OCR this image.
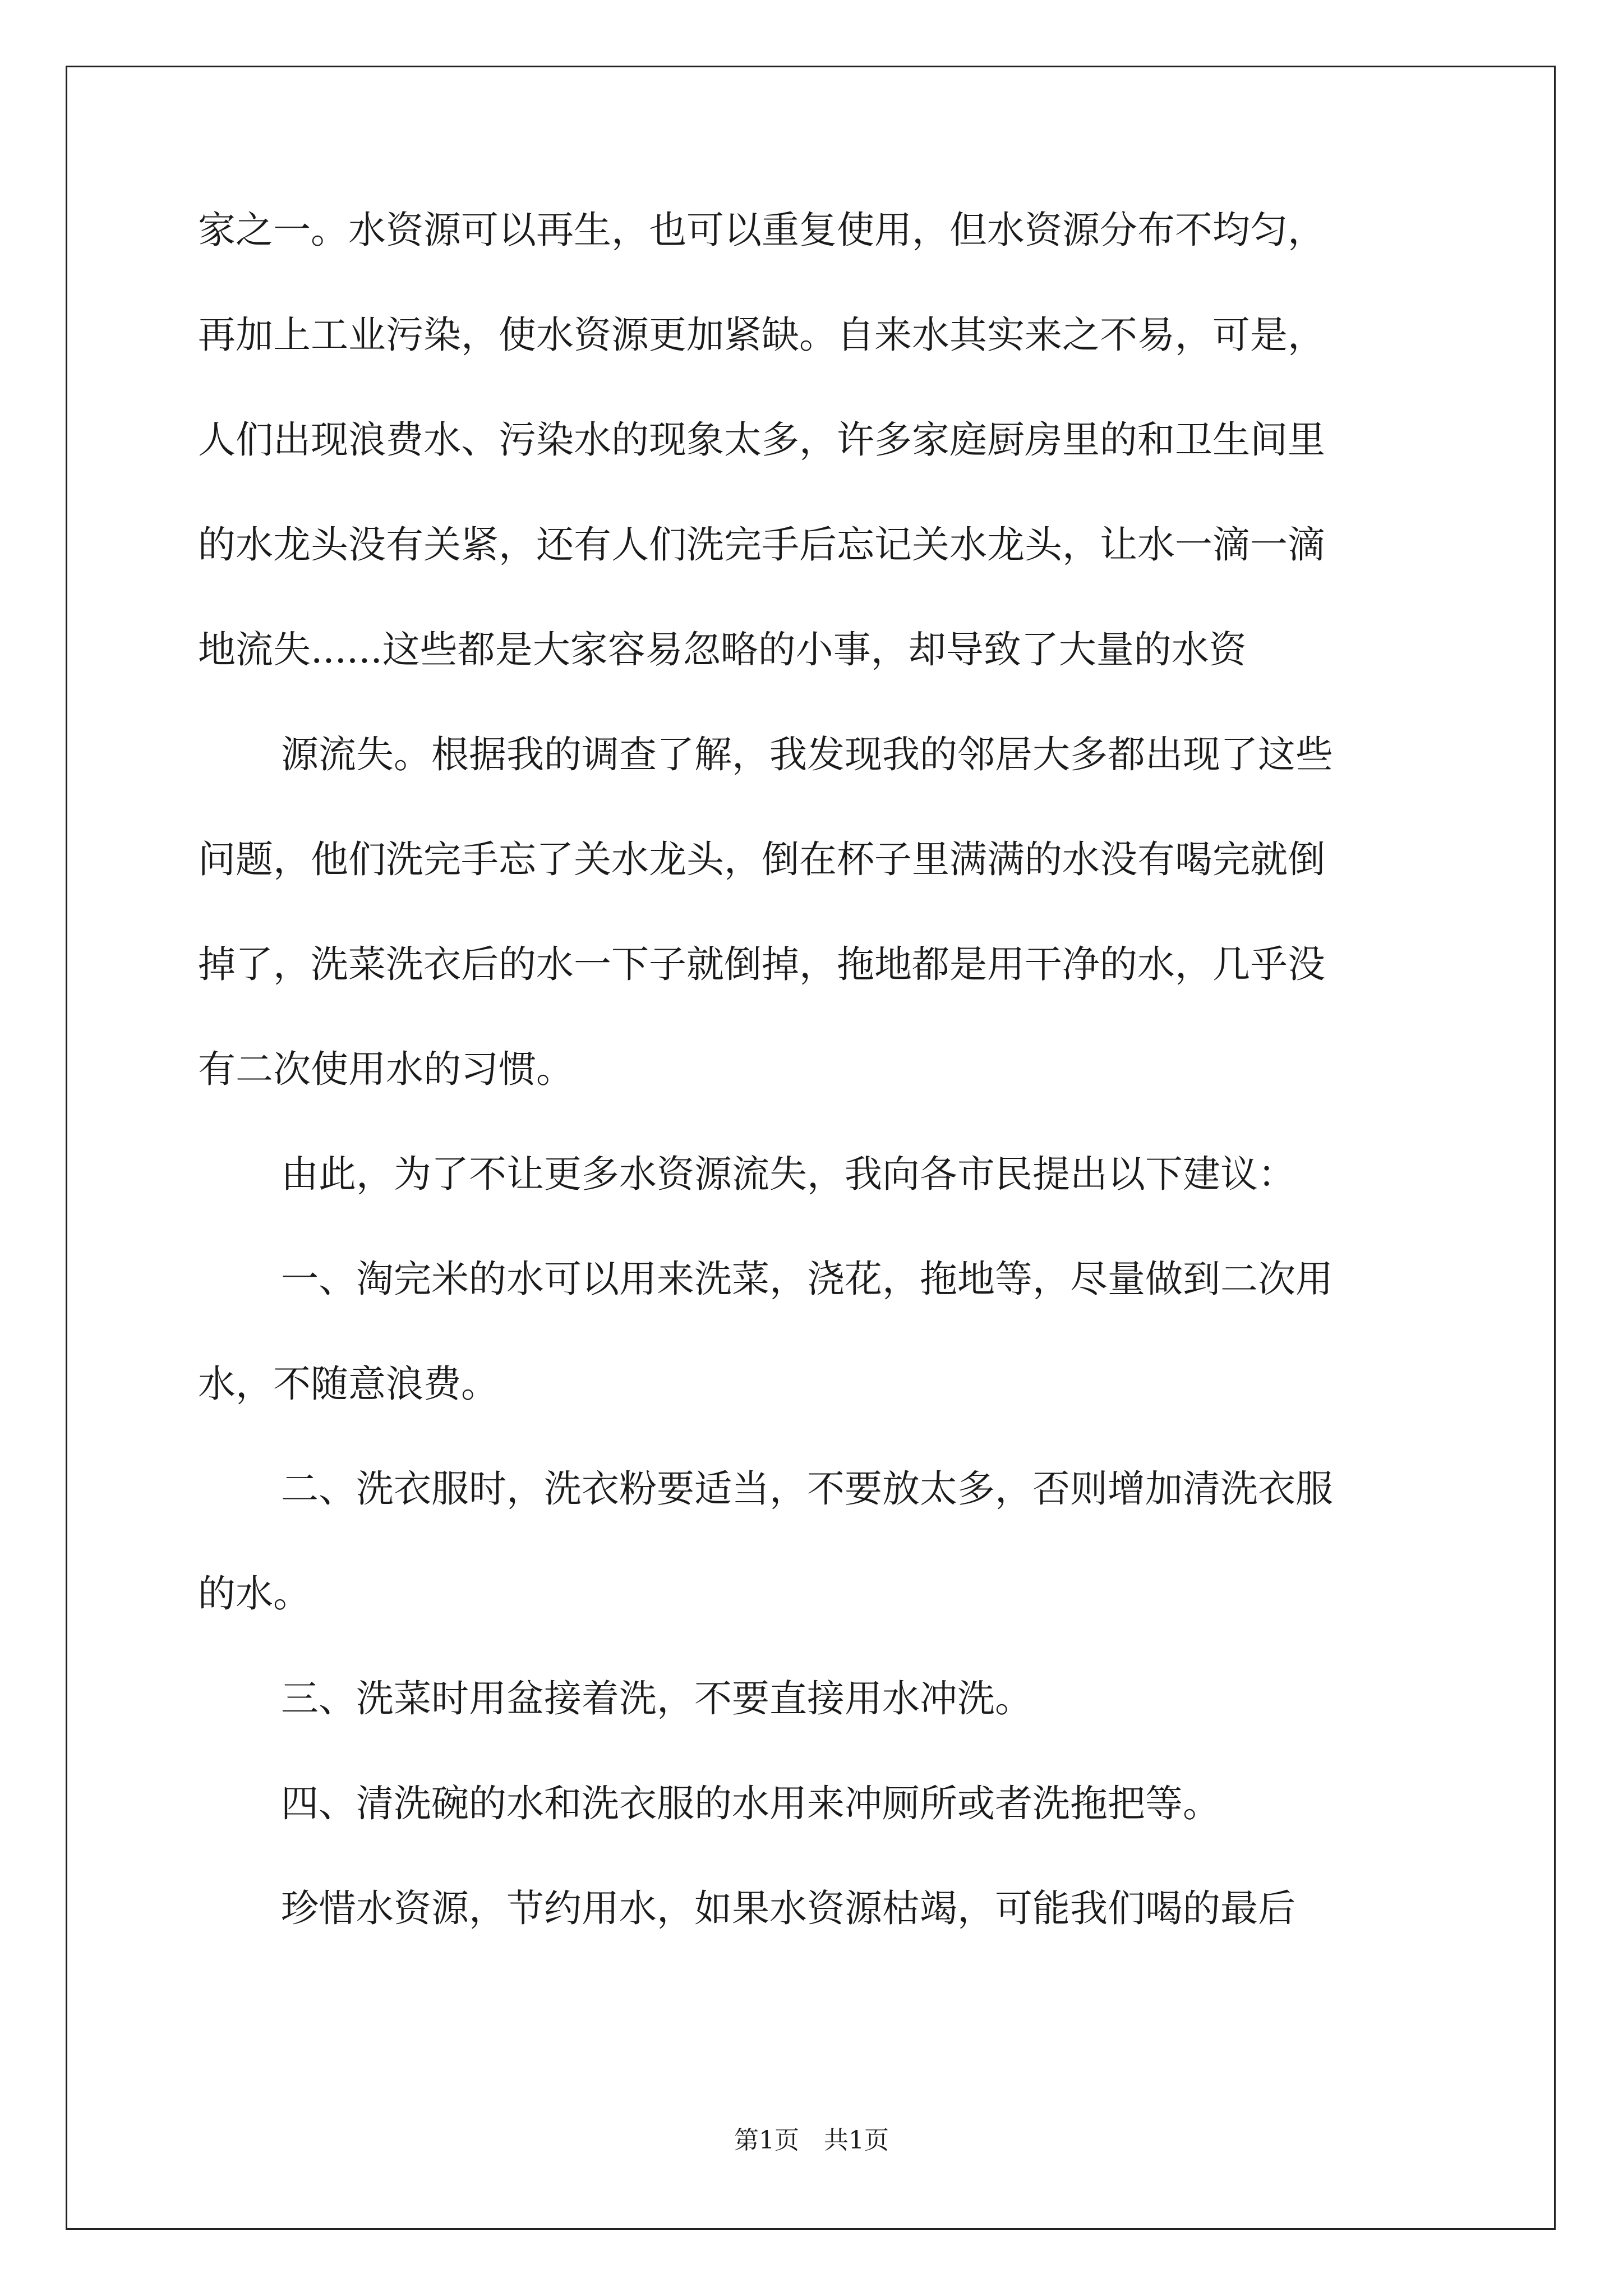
家之一。水资源可以再生，也可以重复使用，但水资源分布不均匀，
再加上工业污染，使水资源更加紧缺。自来水其实来之不易，可是，
人们出现浪费水、污染水的现象太多，许多家庭厨房里的和卫生间里
的水龙头没有关紧，还有人们洗完手后忘记关水龙头，让水一滴一滴
地流失......这些都是大家容易忽略的小事，却导致了大量的水资
源流失。根据我的调查了解，我发现我的邻居大多都出现了这些
问题，他们洗完手忘了关水龙头，倒在杯子里满满的水没有喝完就倒
掉了，洗菜洗衣后的水一下子就倒掉，拖地都是用干净的水，几乎没
有二次使用水的习惯。
由此，为了不让更多水资源流失，我向各市民提出以下建议：
一、淘完米的水可以用来洗菜，浇花，拖地等，尽量做到二次用
水，不随意浪费。
二、洗衣服时，洗衣粉要适当，不要放太多，否则增加清洗衣服
的水。
三、洗菜时用盆接着洗，不要直接用水冲洗。
四、清洗碗的水和洗衣服的水用来冲厕所或者洗拖把等。
珍惜水资源，节约用水，如果水资源枯竭，可能我们喝的最后
第1页　共1页
